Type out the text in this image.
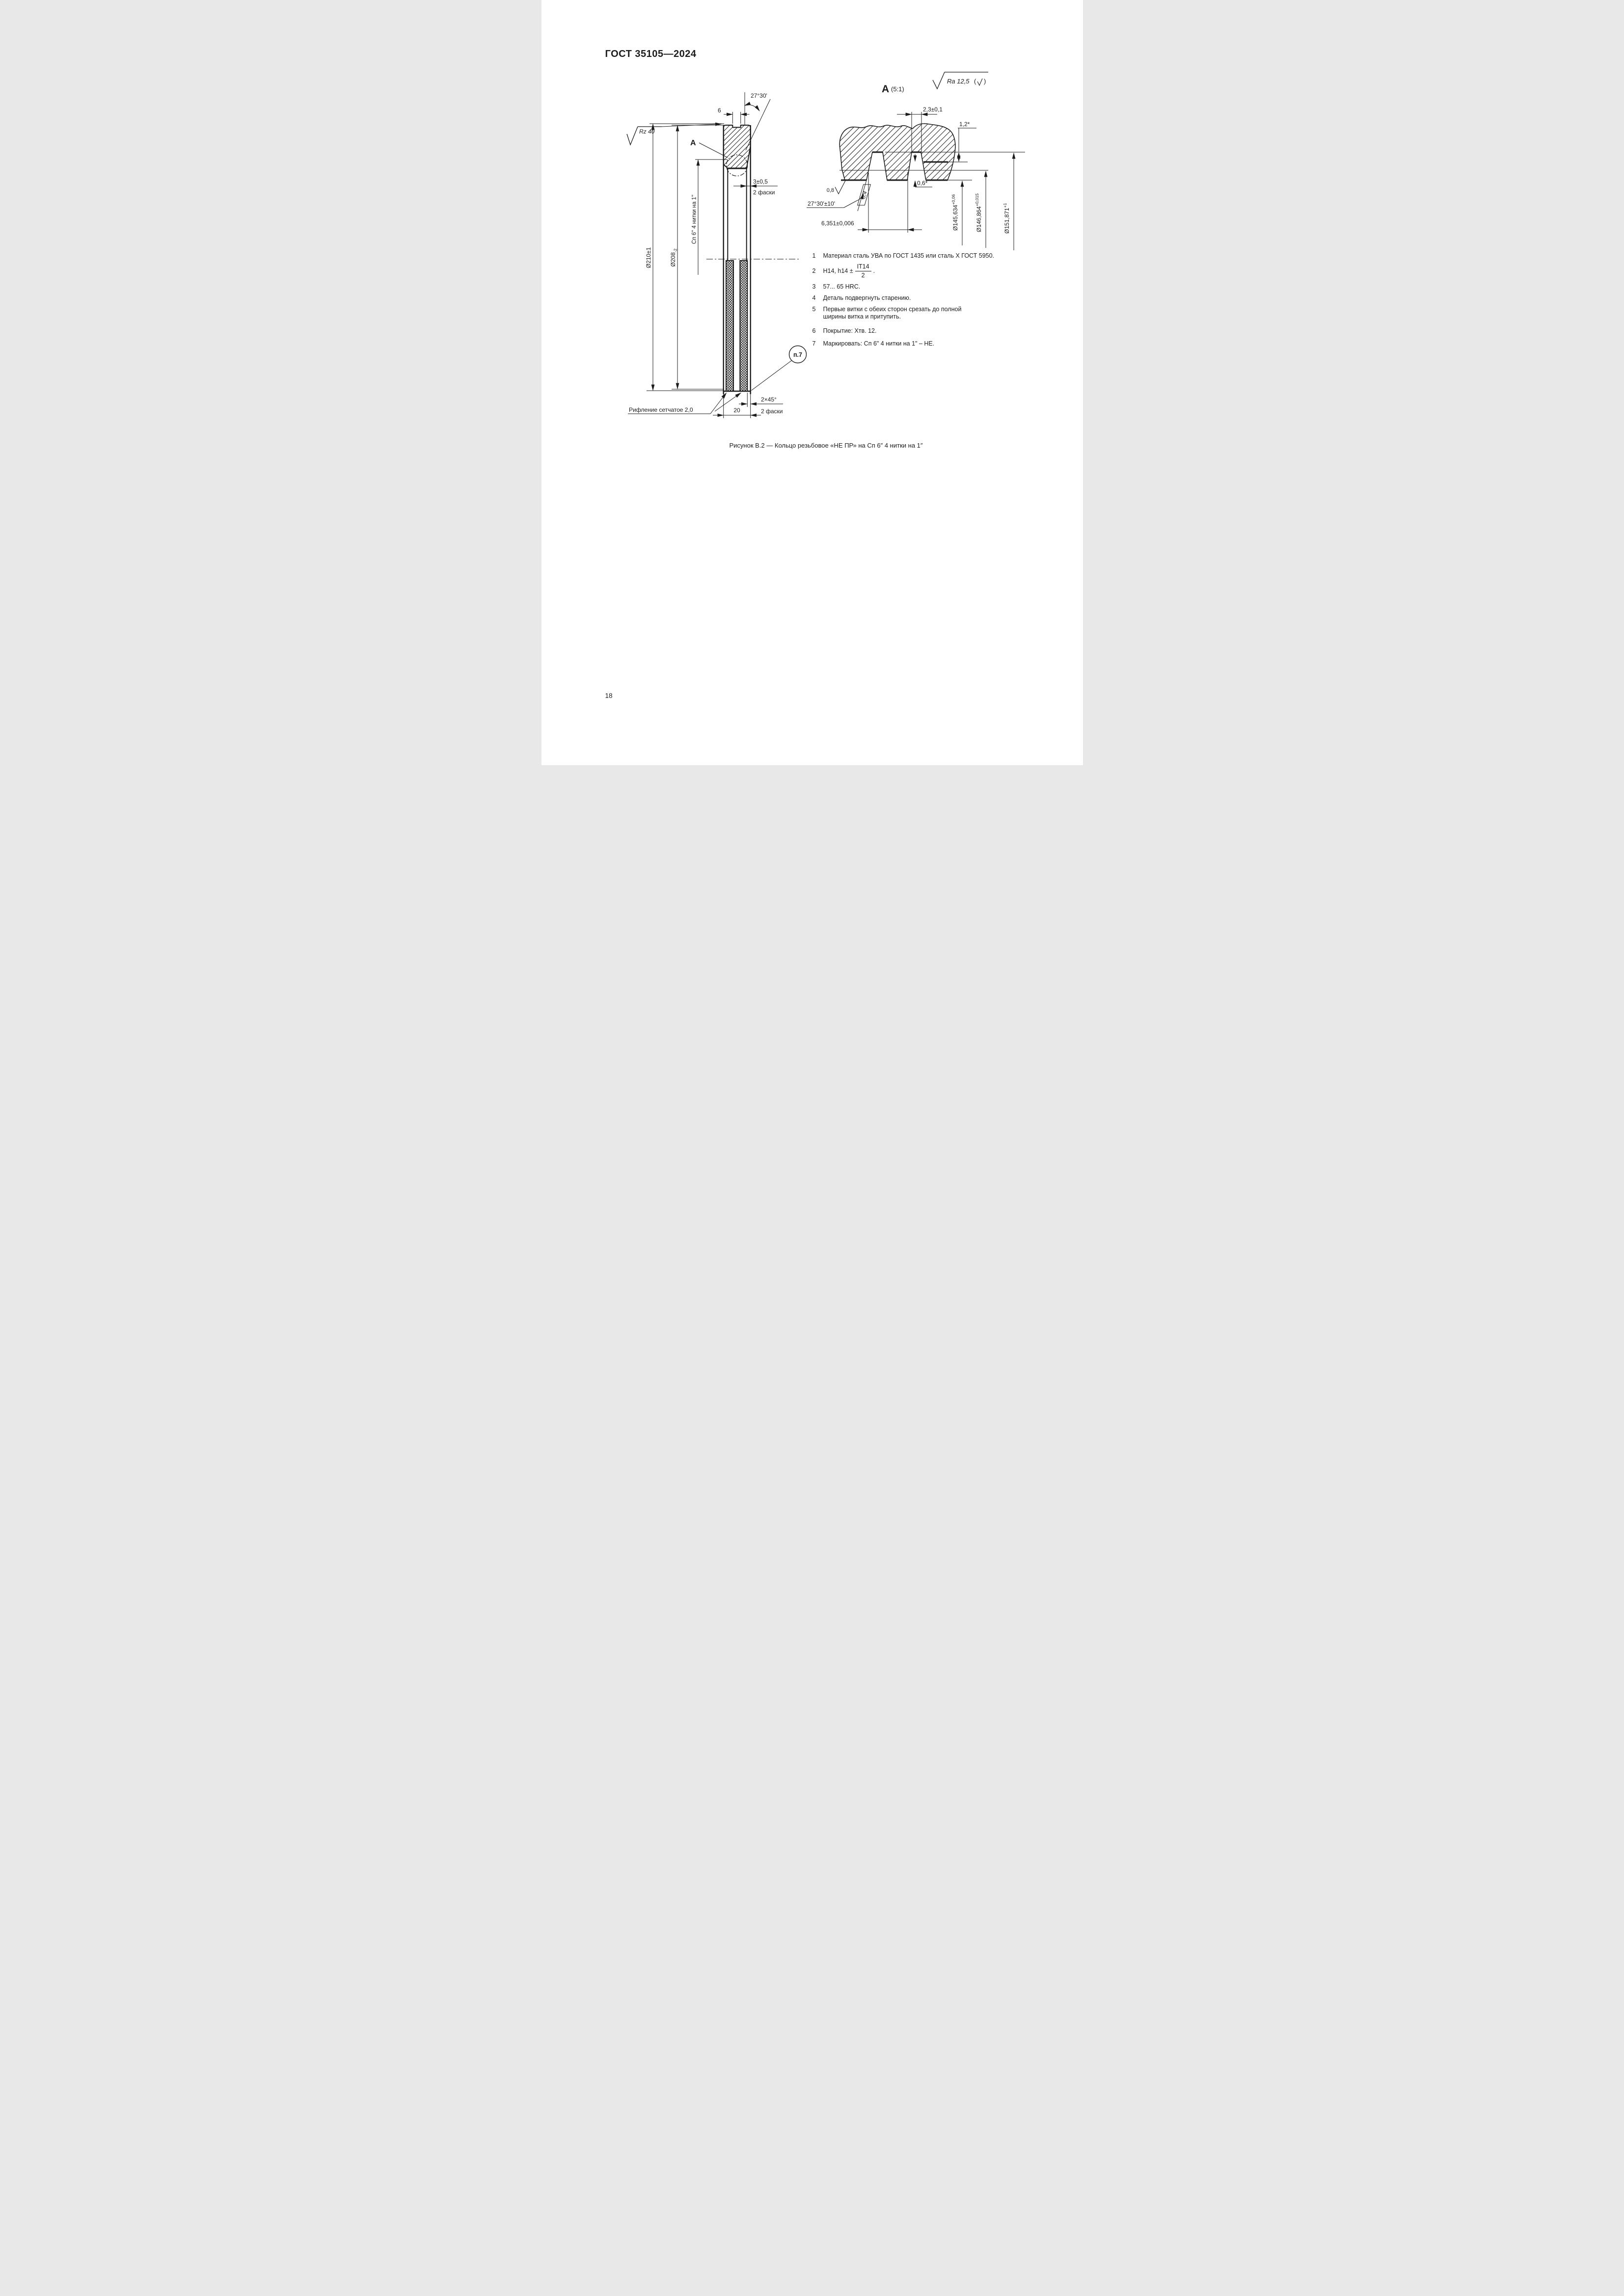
ГОСТ 35105—2024
Rz 40
27°30'
6
A
Ø210±1	$Ø208_{-2}$
Сп 6" 4 нитки на 1"
3±0,5
2 фаски
Рифление сетчатое 2,0
2×45°
2 фаски
20
п.7
A (5:1)
Ra 12,5 ( )
2,3±0,1
1,2*
0,6*
0,8
0,4
27°30'±10'
6,351±0,006	$Ø145,634^{+0,06}$
$Ø146,864^{+0,015}$
$Ø151,871^{+1}$
1	Материал сталь УВА по ГОСТ 1435 или сталь X ГОСТ 5950.
2	H14, $h14 \pm \frac{IT14}{2}$ .
3	57... 65 HRC.
4	Деталь подвергнуть старению.
5	Первые витки с обеих сторон срезать до полной
ширины витка и притупить.
6	Покрытие: Хтв. 12.
7	Маркировать: Сп 6" 4 нитки на 1" – НЕ.
Рисунок В.2 — Кольцо резьбовое «НЕ ПР» на Сп 6″ 4 нитки на 1″
18
